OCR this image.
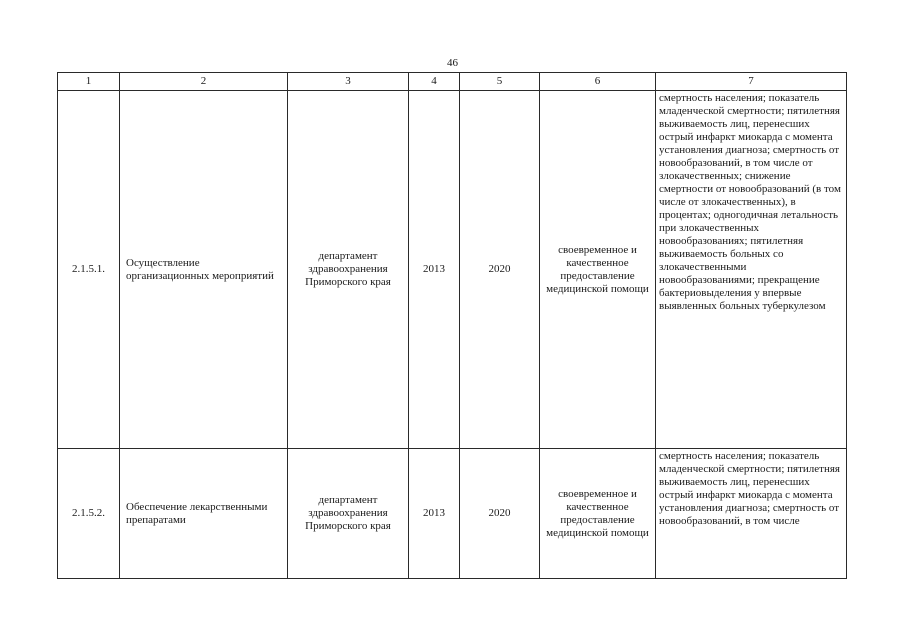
46
1	2	3	4	5	6	7
2.1.5.1.	Осуществление организационных мероприятий	департамент здравоохранения Приморского края	2013	2020	своевременное и качественное предоставление медицинской помощи	смертность населения; показатель младенческой смертности; пятилетняя выживаемость лиц, перенесших острый инфаркт миокарда с момента установления диагноза; смертность от новообразований, в том числе от злокачественных; снижение смертности от новообразований (в том числе от злокачественных), в процентах; одногодичная летальность при злокачественных новообразованиях; пятилетняя выживаемость больных со злокачественными новообразованиями; прекращение бактериовыделения у впервые выявленных больных туберкулезом
2.1.5.2.	Обеспечение лекарственными препаратами	департамент здравоохранения Приморского края	2013	2020	своевременное и качественное предоставление медицинской помощи	смертность населения; показатель младенческой смертности; пятилетняя выживаемость лиц, перенесших острый инфаркт миокарда с момента установления диагноза; смертность от новообразований, в том числе
